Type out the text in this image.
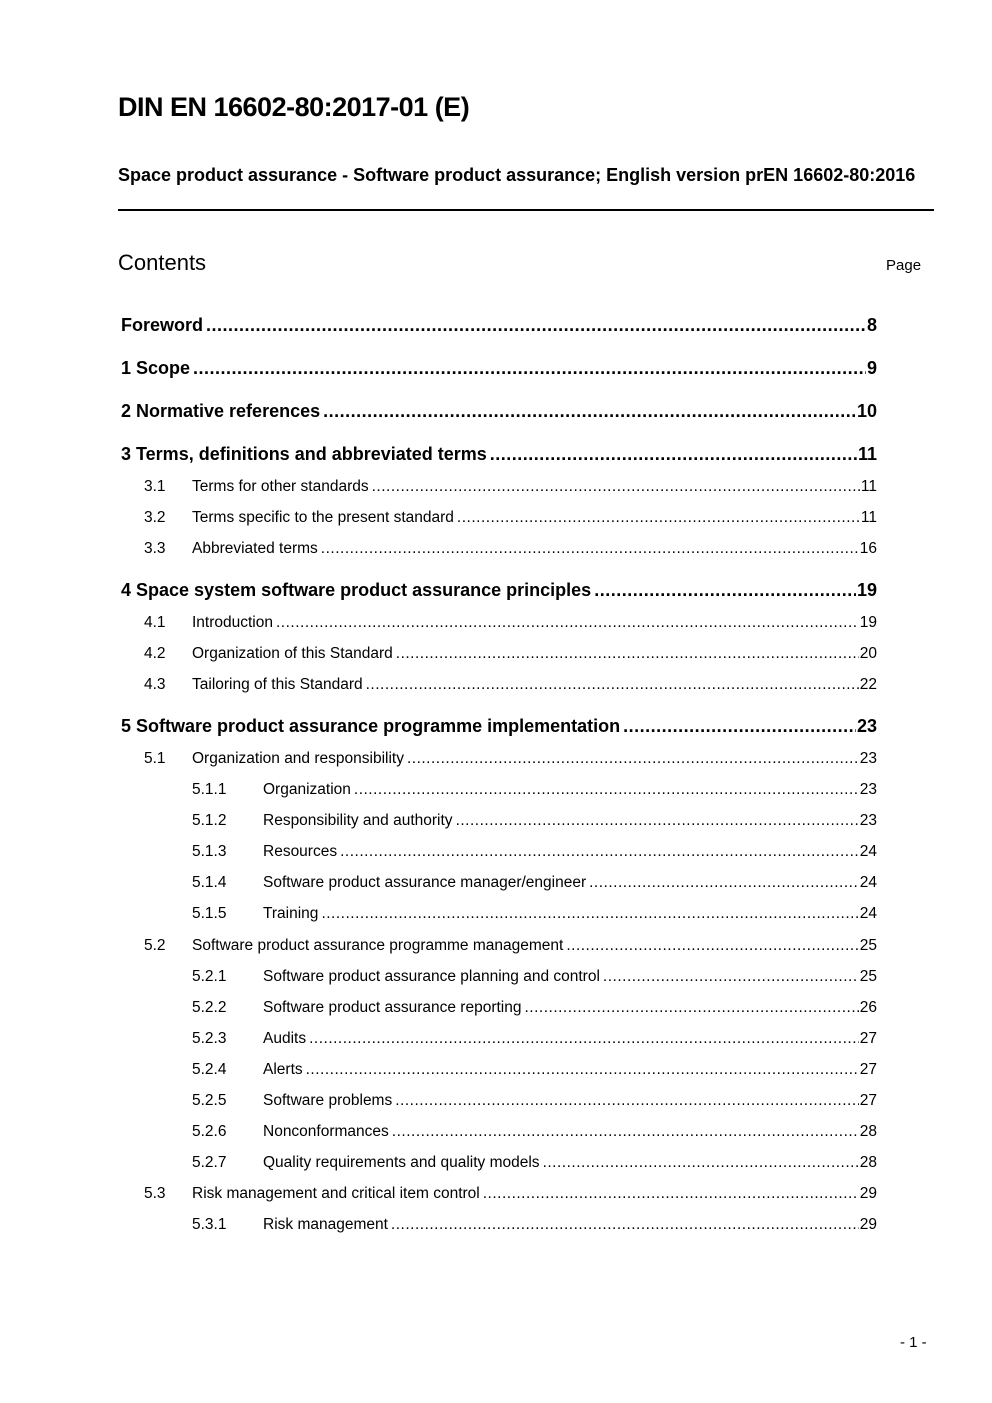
DIN EN 16602-80:2017-01 (E)
Space product assurance - Software product assurance; English version prEN 16602-80:2016
Contents	Page
Foreword .....	8
1 Scope .....	9
2 Normative references .....	10
3 Terms, definitions and abbreviated terms .....	11
3.1	Terms for other standards .....	11
3.2	Terms specific to the present standard .....	11
3.3	Abbreviated terms .....	16
4 Space system software product assurance principles .....	19
4.1	Introduction .....	19
4.2	Organization of this Standard .....	20
4.3	Tailoring of this Standard .....	22
5 Software product assurance programme implementation .....	23
5.1	Organization and responsibility .....	23
5.1.1	Organization .....	23
5.1.2	Responsibility and authority .....	23
5.1.3	Resources .....	24
5.1.4	Software product assurance manager/engineer .....	24
5.1.5	Training .....	24
5.2	Software product assurance programme management .....	25
5.2.1	Software product assurance planning and control .....	25
5.2.2	Software product assurance reporting .....	26
5.2.3	Audits .....	27
5.2.4	Alerts .....	27
5.2.5	Software problems .....	27
5.2.6	Nonconformances .....	28
5.2.7	Quality requirements and quality models .....	28
5.3	Risk management and critical item control .....	29
5.3.1	Risk management .....	29
- 1 -
